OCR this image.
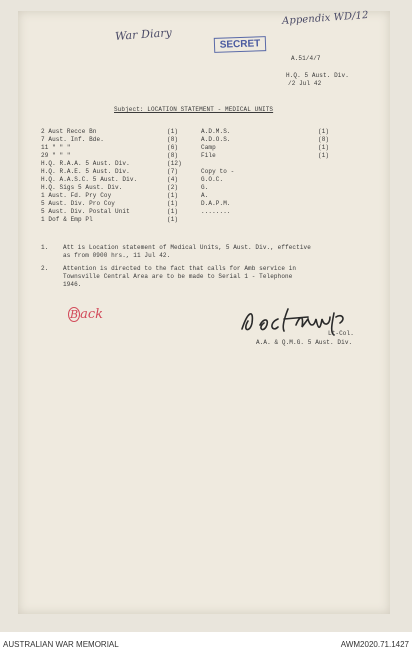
War Diary
Appendix WD/12
SECRET
A.51/4/7
H.Q. 5 Aust. Div.
/2 Jul 42
Subject: LOCATION STATEMENT - MEDICAL UNITS
2 Aust Recce Bn	(1)
7 Aust. Inf. Bde.	(8)
11 " " "	(6)
29 " " "	(8)
H.Q. R.A.A. 5 Aust. Div.	(12)
H.Q. R.A.E. 5 Aust. Div.	(7)
H.Q. A.A.S.C. 5 Aust. Div.	(4)
H.Q. Sigs 5 Aust. Div.	(2)
1 Aust. Fd. Pry Coy	(1)
5 Aust. Div. Pro Coy	(1)
5 Aust. Div. Postal Unit	(1)
1 Dof & Emp Pl	(1)
A.D.M.S.	(1)
A.D.O.S.	(8)
Camp	(1)
File	(1)
Copy to -
G.O.C.
G.
A.
D.A.P.M.
........
1. Att is Location statement of Medical Units, 5 Aust. Div., effective
as from 0900 hrs., 11 Jul 42.
2. Attention is directed to the fact that calls for Amb service in
Townsville Central Area are to be made to Serial 1 - Telephone
1946.
B ack
Lt-Col.
A.A. & Q.M.G. 5 Aust. Div.
AUSTRALIAN WAR MEMORIAL	AWM2020.71.1427
